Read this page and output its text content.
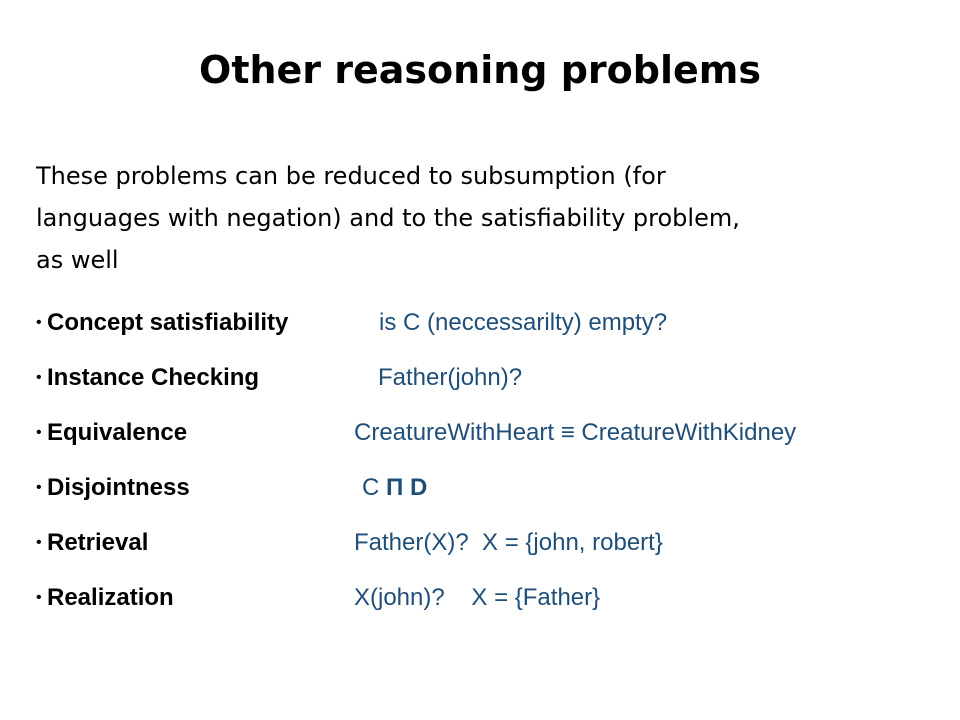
Other reasoning problems

These problems can be reduced to subsumption (for
languages with negation) and to the satisfiability problem,
as well

• Concept satisfiability	is C (neccessarilty) empty?
• Instance Checking	Father(john)?
• Equivalence	CreatureWithHeart ≡ CreatureWithKidney
• Disjointness	C Π D
• Retrieval	Father(X)?  X = {john, robert}
• Realization	X(john)?    X = {Father}
